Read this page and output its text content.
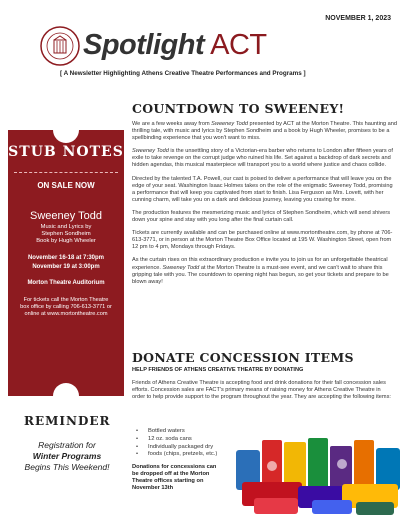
NOVEMBER 1, 2023
Spotlight ACT
[ A Newsletter Highlighting Athens Creative Theatre Performances and Programs ]
STUB NOTES
ON SALE NOW
Sweeney Todd
Music and Lyrics by
Stephen Sondheim
Book by Hugh Wheeler
November 16-18 at 7:30pm
November 19 at 3:00pm
Morton Theatre Auditorium
For tickets call the Morton Theatre
box office by calling 706-613-3771 or
online at www.mortontheatre.com
REMINDER
Registration for
Winter Programs
Begins This Weekend!
COUNTDOWN TO SWEENEY!

We are a few weeks away from Sweeney Todd presented by ACT at the Morton Theatre. This haunting and thrilling tale, with music and lyrics by Stephen Sondheim and a book by Hugh Wheeler, promises to be a spellbinding experience that you won't want to miss.

Sweeney Todd is the unsettling story of a Victorian-era barber who returns to London after fifteen years of exile to take revenge on the corrupt judge who ruined his life. Set against a backdrop of dark secrets and hidden agendas, this musical masterpiece will transport you to a world where justice and chaos collide.

Directed by the talented T.A. Powell, our cast is poised to deliver a performance that will leave you on the edge of your seat. Washington Isaac Holmes takes on the role of the enigmatic Sweeney Todd, promising a performance that will keep you captivated from start to finish. Lisa Ferguson as Mrs. Lovett, with her cunning charm, will take you on a dark and delicious journey, leaving you craving for more.

The production features the mesmerizing music and lyrics of Stephen Sondheim, which will send shivers down your spine and stay with you long after the final curtain call.

Tickets are currently available and can be purchased online at www.mortontheatre.com, by phone at 706-613-3771, or in person at the Morton Theatre Box Office located at 195 W. Washington Street, open from 12 pm to 4 pm, Mondays through Fridays.

As the curtain rises on this extraordinary production e invite you to join us for an unforgettable theatrical experience. Sweeney Todd at the Morton Theatre is a must-see event, and we can't wait to share this gripping tale with you. The countdown to opening night has begun, so get your tickets and prepare to be blown away!

DONATE CONCESSION ITEMS
HELP FRIENDS OF ATHENS CREATIVE THEATRE BY DONATING

Friends of Athens Creative Theatre is accepting food and drink donations for their fall concession sales efforts. Concession sales are FACT's primary means of raising money for Athens Creative Theatre in order to help provide support to the program throughout the year. They are accepting the following items:

• Bottled waters
• 12 oz. soda cans
• Individually packaged dry
• foods (chips, pretzels, etc.)
Donations for concessions can be dropped off at the Morton Theatre offices starting on November 13th
